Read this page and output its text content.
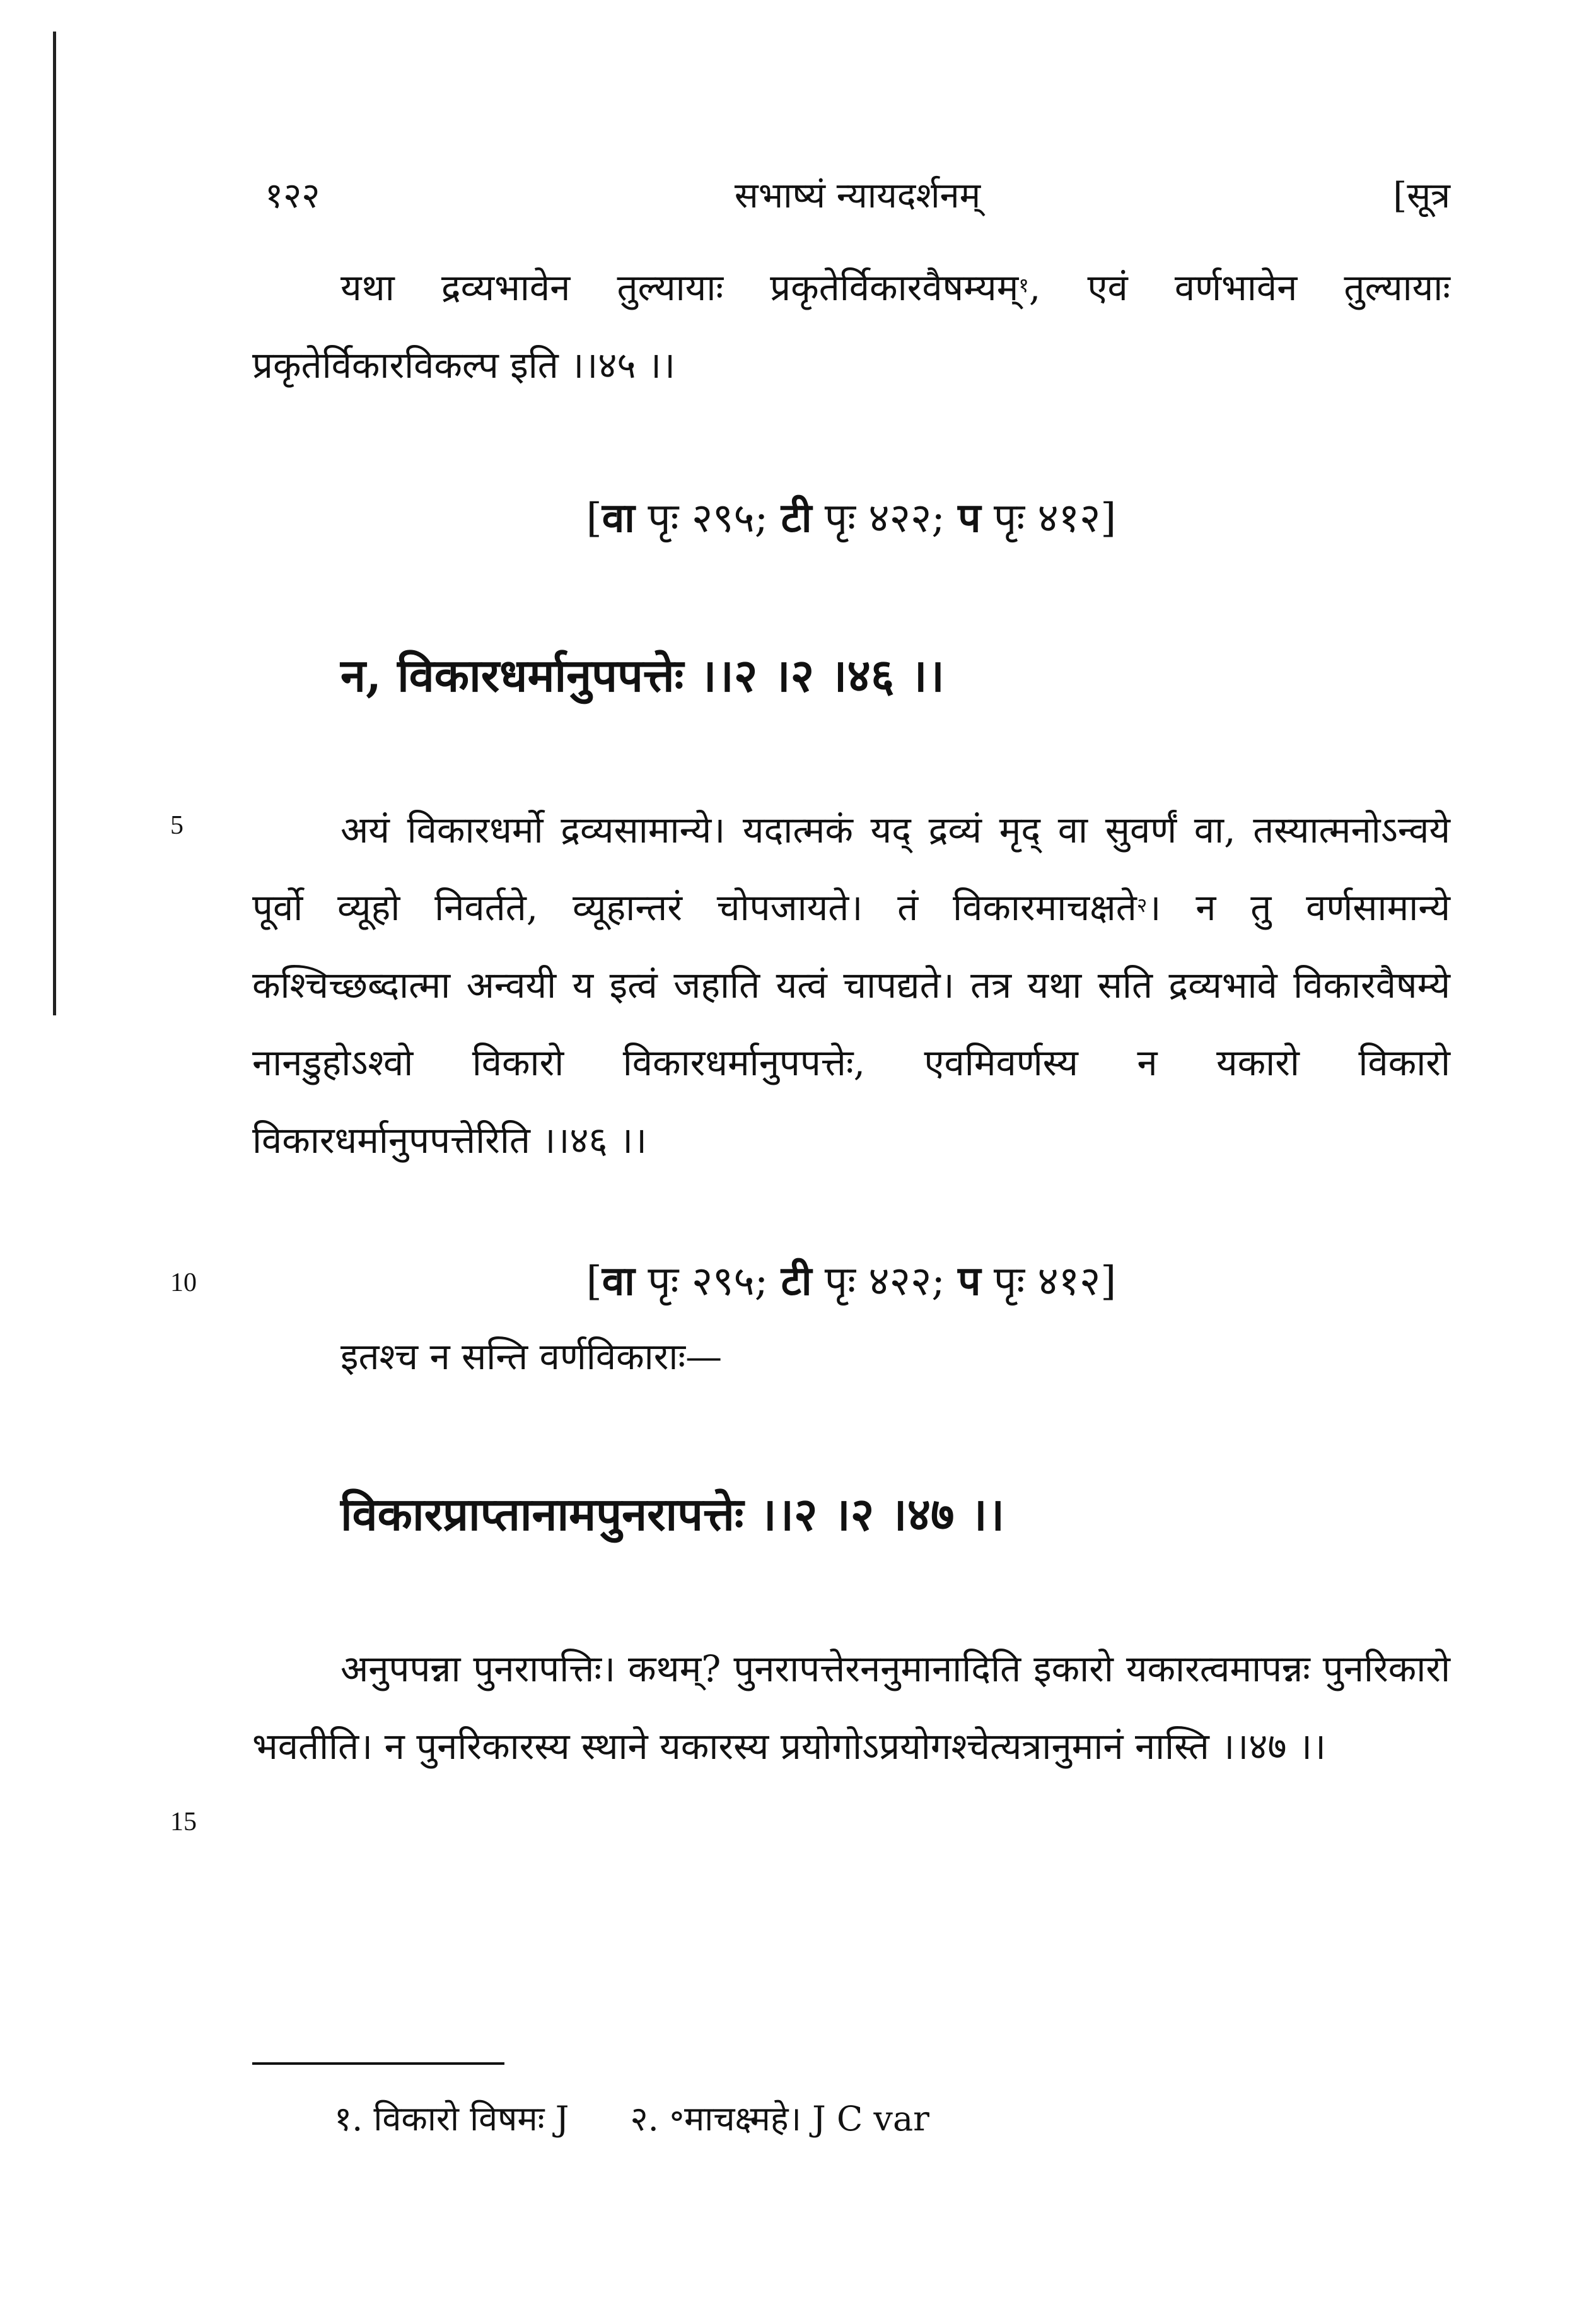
१२२	सभाष्यं न्यायदर्शनम्	[सूत्र
यथा द्रव्यभावेन तुल्यायाः प्रकृतेर्विकारवैषम्यम्$^१$, एवं वर्णभावेन तुल्यायाः प्रकृतेर्विकारविकल्प इति ।।४५ ।।
[वा पृः २९५; टी पृः ४२२; प पृः ४१२]
न, विकारधर्मानुपपत्तेः ।।२ ।२ ।४६ ।।
5	अयं विकारधर्मो द्रव्यसामान्ये। यदात्मकं यद् द्रव्यं मृद् वा सुवर्णं वा, तस्यात्मनोऽन्वये पूर्वो व्यूहो निवर्तते, व्यूहान्तरं चोपजायते। तं विकारमाचक्षते$^२$। न तु वर्णसामान्ये कश्चिच्छब्दात्मा अन्वयी य इत्वं जहाति यत्वं चापद्यते। तत्र यथा सति द्रव्यभावे विकारवैषम्ये नानडुहोऽश्वो विकारो विकारधर्मानुपपत्तेः, एवमिवर्णस्य न यकारो विकारो विकारधर्मानुपपत्तेरिति ।।४६ ।।
10	[वा पृः २९५; टी पृः ४२२; प पृः ४१२]
इतश्च न सन्ति वर्णविकाराः—
विकारप्राप्तानामपुनरापत्तेः ।।२ ।२ ।४७ ।।
अनुपपन्ना पुनरापत्तिः। कथम्? पुनरापत्तेरननुमानादिति इकारो यकारत्वमापन्नः पुनरिकारो भवतीति। न पुनरिकारस्य स्थाने यकारस्य प्रयोगोऽप्रयोगश्चेत्यत्रानुमानं नास्ति ।।४७ ।।
15
१. विकारो विषमः J २. ॰माचक्ष्महे। J C var
